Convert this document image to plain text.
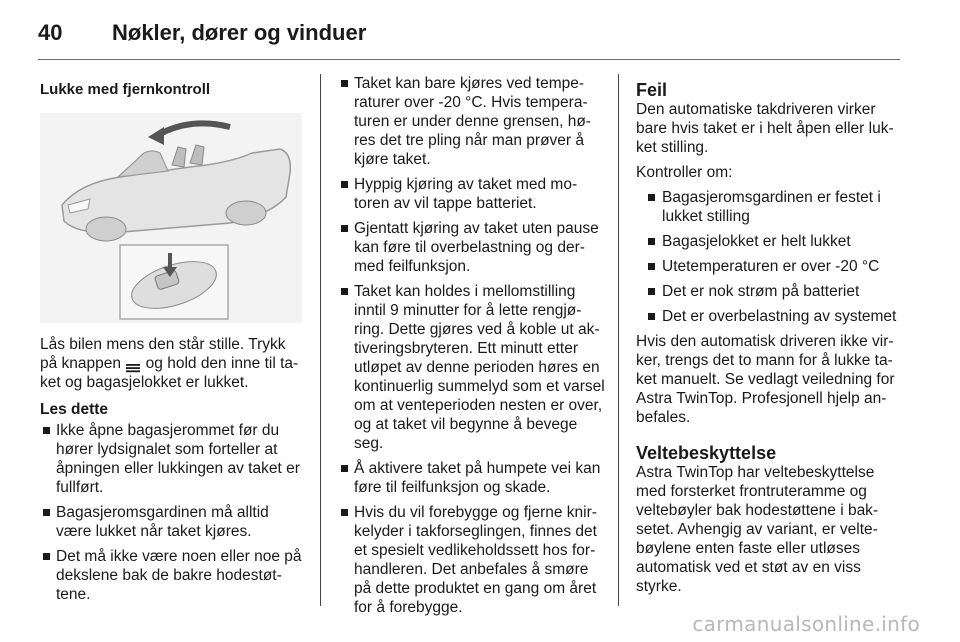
40 Nøkler, dører og vinduer
Lukke med fjernkontroll

Lås bilen mens den står stille. Trykk på knappen og hold den inne til taket og bagasjelokket er lukket.

Les dette
Ikke åpne bagasjerommet før du hører lydsignalet som forteller at åpningen eller lukkingen av taket er fullført.
Bagasjeromsgardinen må alltid være lukket når taket kjøres.
Det må ikke være noen eller noe på dekslene bak de bakre hodestøttene.
Taket kan bare kjøres ved temperaturer over -20 °C. Hvis temperaturen er under denne grensen, høres det tre pling når man prøver å kjøre taket.
Hyppig kjøring av taket med motoren av vil tappe batteriet.
Gjentatt kjøring av taket uten pause kan føre til overbelastning og dermed feilfunksjon.
Taket kan holdes i mellomstilling inntil 9 minutter for å lette rengjøring. Dette gjøres ved å koble ut aktiveringsbryteren. Ett minutt etter utløpet av denne perioden høres en kontinuerlig summelyd som et varsel om at venteperioden nesten er over, og at taket vil begynne å bevege seg.
Å aktivere taket på humpete vei kan føre til feilfunksjon og skade.
Hvis du vil forebygge og fjerne knirkelyder i takforseglingen, finnes det et spesielt vedlikeholdssett hos forhandleren. Det anbefales å smøre på dette produktet en gang om året for å forebygge.
Feil

Den automatiske takdriveren virker bare hvis taket er i helt åpen eller lukket stilling.

Kontroller om:

Bagasjeromsgardinen er festet i lukket stilling
Bagasjelokket er helt lukket
Utetemperaturen er over -20 °C
Det er nok strøm på batteriet
Det er overbelastning av systemet

Hvis den automatisk driveren ikke virker, trengs det to mann for å lukke taket manuelt. Se vedlagt veiledning for Astra TwinTop. Profesjonell hjelp anbefales.

Veltebeskyttelse

Astra TwinTop har veltebeskyttelse med forsterket frontruteramme og veltebøyler bak hodestøttene i baksetet. Avhengig av variant, er veltebøylene enten faste eller utløses automatisk ved et støt av en viss styrke.

carmanualsonline.info
